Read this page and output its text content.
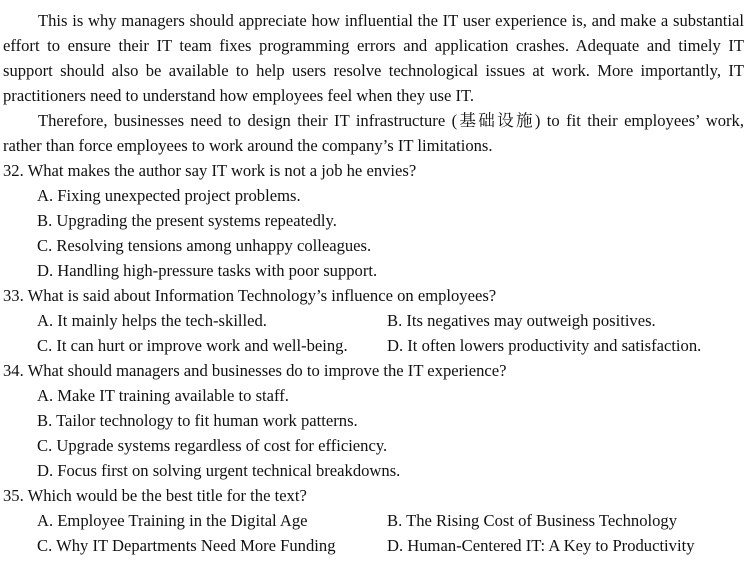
This is why managers should appreciate how influential the IT user experience is, and make a substantial effort to ensure their IT team fixes programming errors and application crashes. Adequate and timely IT support should also be available to help users resolve technological issues at work. More importantly, IT practitioners need to understand how employees feel when they use IT.

Therefore, businesses need to design their IT infrastructure (基础设施) to fit their employees’ work, rather than force employees to work around the company’s IT limitations.

32. What makes the author say IT work is not a job he envies?

A. Fixing unexpected project problems.

B. Upgrading the present systems repeatedly.

C. Resolving tensions among unhappy colleagues.

D. Handling high-pressure tasks with poor support.

33. What is said about Information Technology’s influence on employees?

A. It mainly helps the tech-skilled.	B. Its negatives may outweigh positives.

C. It can hurt or improve work and well-being. D. It often lowers productivity and satisfaction.

34. What should managers and businesses do to improve the IT experience?

A. Make IT training available to staff.

B. Tailor technology to fit human work patterns.

C. Upgrade systems regardless of cost for efficiency.

D. Focus first on solving urgent technical breakdowns.

35. Which would be the best title for the text?

A. Employee Training in the Digital Age	B. The Rising Cost of Business Technology

C. Why IT Departments Need More Funding	D. Human-Centered IT: A Key to Productivity
